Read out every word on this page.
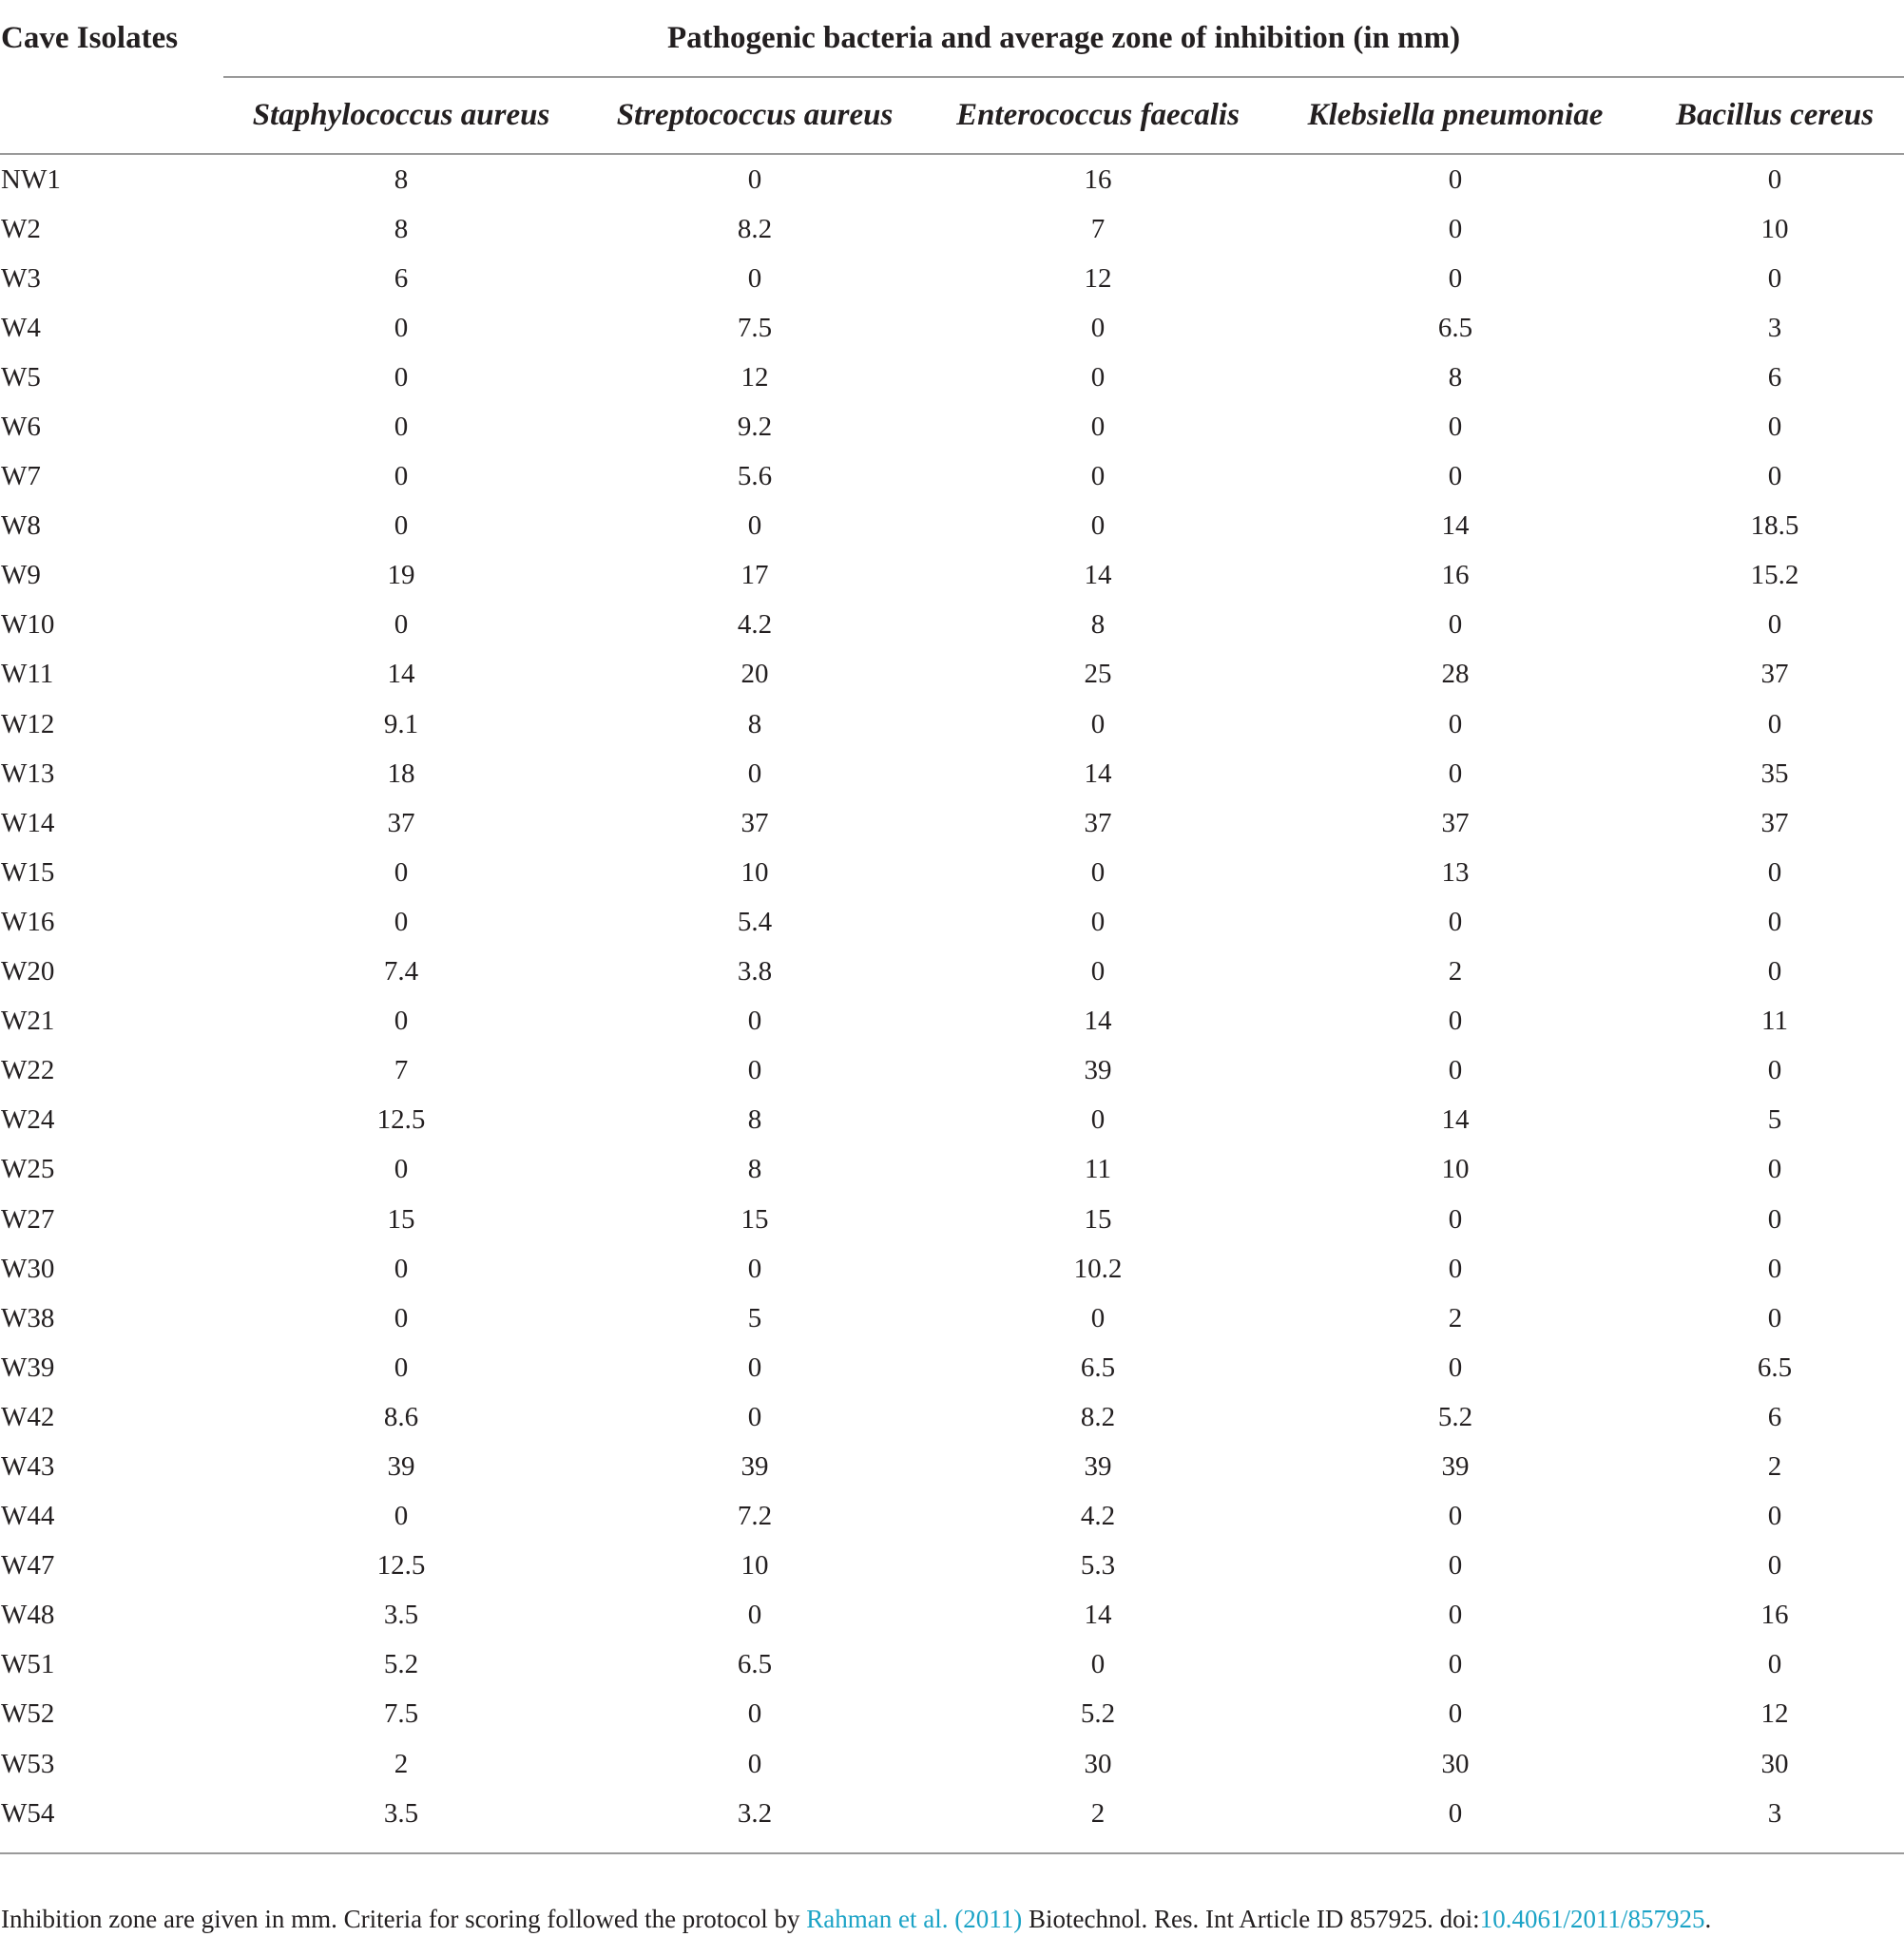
Cave Isolates	Pathogenic bacteria and average zone of inhibition (in mm)				
	Staphylococcus aureus	Streptococcus aureus	Enterococcus faecalis	Klebsiella pneumoniae	Bacillus cereus
NW1	8	0	16	0	0
W2	8	8.2	7	0	10
W3	6	0	12	0	0
W4	0	7.5	0	6.5	3
W5	0	12	0	8	6
W6	0	9.2	0	0	0
W7	0	5.6	0	0	0
W8	0	0	0	14	18.5
W9	19	17	14	16	15.2
W10	0	4.2	8	0	0
W11	14	20	25	28	37
W12	9.1	8	0	0	0
W13	18	0	14	0	35
W14	37	37	37	37	37
W15	0	10	0	13	0
W16	0	5.4	0	0	0
W20	7.4	3.8	0	2	0
W21	0	0	14	0	11
W22	7	0	39	0	0
W24	12.5	8	0	14	5
W25	0	8	11	10	0
W27	15	15	15	0	0
W30	0	0	10.2	0	0
W38	0	5	0	2	0
W39	0	0	6.5	0	6.5
W42	8.6	0	8.2	5.2	6
W43	39	39	39	39	2
W44	0	7.2	4.2	0	0
W47	12.5	10	5.3	0	0
W48	3.5	0	14	0	16
W51	5.2	6.5	0	0	0
W52	7.5	0	5.2	0	12
W53	2	0	30	30	30
W54	3.5	3.2	2	0	3
Inhibition zone are given in mm. Criteria for scoring followed the protocol by Rahman et al. (2011) Biotechnol. Res. Int Article ID 857925. doi:10.4061/2011/857925.
